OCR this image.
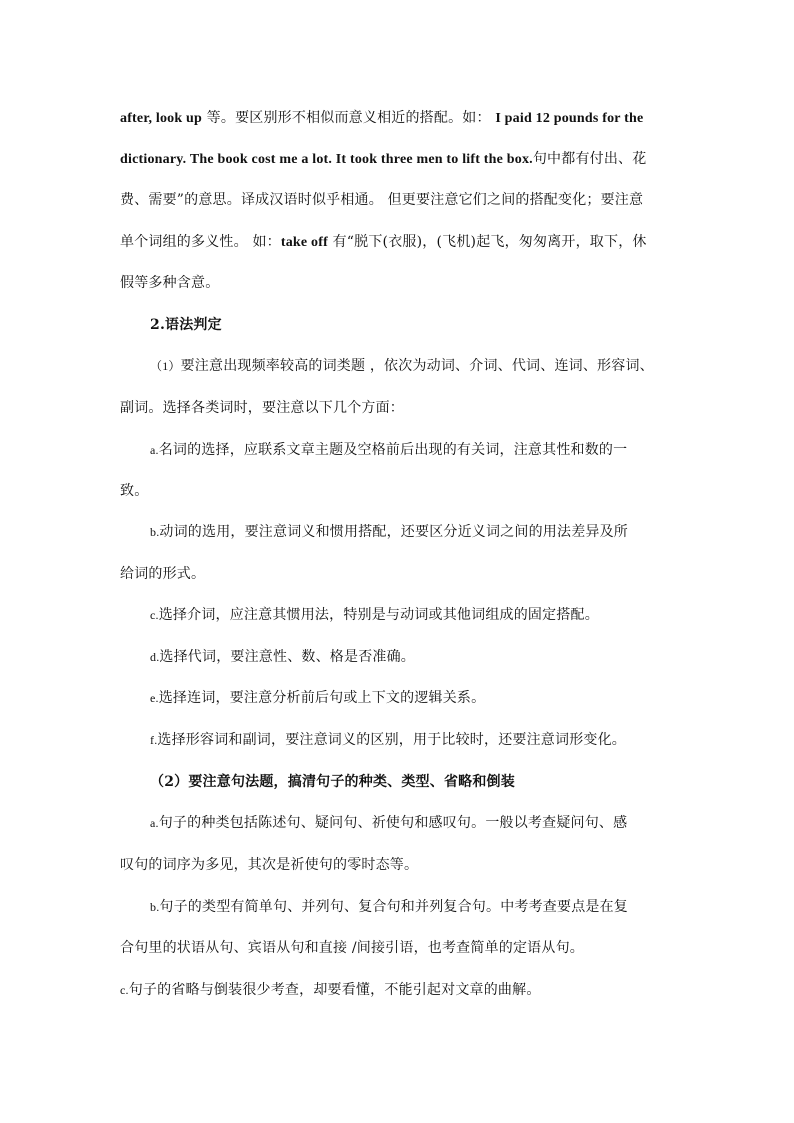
after, look up 等。要区别形不相似而意义相近的搭配。如： I paid 12 pounds for the
dictionary. The book cost me a lot. It took three men to lift the box.句中都有付出、花
费、需要”的意思。译成汉语时似乎相通。 但更要注意它们之间的搭配变化；要注意
单个词组的多义性。 如：take off 有“脱下(衣服)，(飞机)起飞，匆匆离开，取下，休
假等多种含意。
2.语法判定
（1）要注意出现频率较高的词类题 ，依次为动词、介词、代词、连词、形容词、
副词。选择各类词时，要注意以下几个方面：
a.名词的选择，应联系文章主题及空格前后出现的有关词，注意其性和数的一
致。
b.动词的选用，要注意词义和惯用搭配，还要区分近义词之间的用法差异及所
给词的形式。
c.选择介词，应注意其惯用法，特别是与动词或其他词组成的固定搭配。
d.选择代词，要注意性、数、格是否准确。
e.选择连词，要注意分析前后句或上下文的逻辑关系。
f.选择形容词和副词，要注意词义的区别，用于比较时，还要注意词形变化。
（2）要注意句法题，搞清句子的种类、类型、省略和倒装
a.句子的种类包括陈述句、疑问句、祈使句和感叹句。一般以考查疑问句、感
叹句的词序为多见，其次是祈使句的零时态等。
b.句子的类型有简单句、并列句、复合句和并列复合句。中考考查要点是在复
合句里的状语从句、宾语从句和直接 /间接引语，也考查简单的定语从句。
c.句子的省略与倒装很少考查，却要看懂，不能引起对文章的曲解。
